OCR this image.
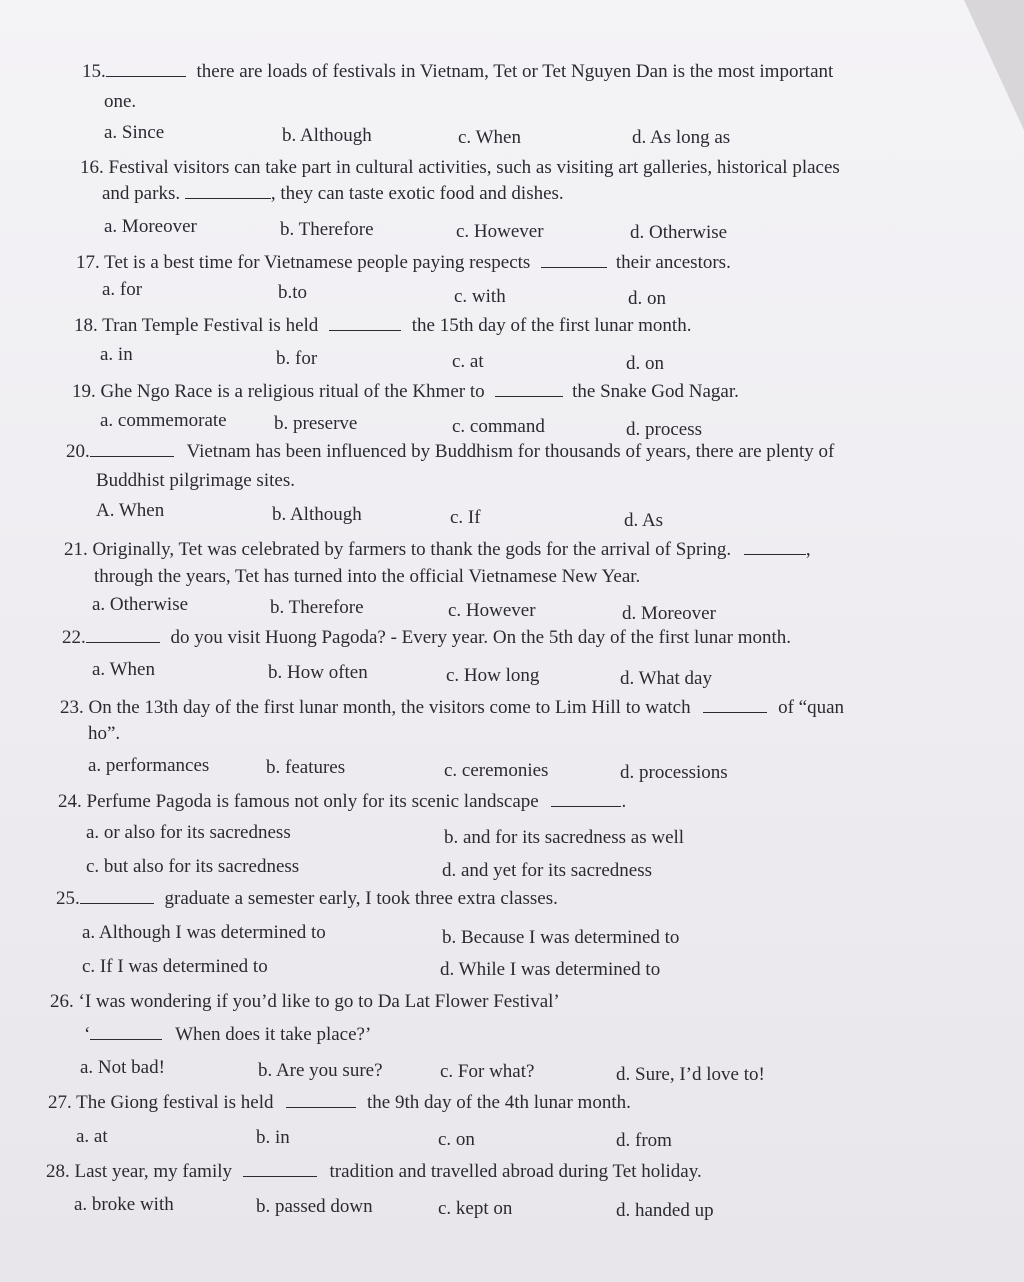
15.	there are loads of festivals in Vietnam, Tet or Tet Nguyen Dan is the most important
one.
a. Since	b. Although	c. When	d. As long as
16. Festival visitors can take part in cultural activities, such as visiting art galleries, historical places
and parks.	, they can taste exotic food and dishes.
a. Moreover	b. Therefore	c. However	d. Otherwise
17. Tet is a best time for Vietnamese people paying respects	their ancestors.
a. for	b.to	c. with	d. on
18. Tran Temple Festival is held	the 15th day of the first lunar month.
a. in	b. for	c. at	d. on
19. Ghe Ngo Race is a religious ritual of the Khmer to	the Snake God Nagar.
a. commemorate b. preserve	c. command	d. process
20.	Vietnam has been influenced by Buddhism for thousands of years, there are plenty of
Buddhist pilgrimage sites.
A. When	b. Although	c. If	d. As
21. Originally, Tet was celebrated by farmers to thank the gods for the arrival of Spring.	,
through the years, Tet has turned into the official Vietnamese New Year.
a. Otherwise	b. Therefore	c. However	d. Moreover
22.	do you visit Huong Pagoda? - Every year. On the 5th day of the first lunar month.
a. When	b. How often	c. How long	d. What day
23. On the 13th day of the first lunar month, the visitors come to Lim Hill to watch	of “quan
ho”.
a. performances	b. features	c. ceremonies	d. processions
24. Perfume Pagoda is famous not only for its scenic landscape	.
a. or also for its sacredness	b. and for its sacredness as well
c. but also for its sacredness	d. and yet for its sacredness
25.	graduate a semester early, I took three extra classes.
a. Although I was determined to	b. Because I was determined to
c. If I was determined to	d. While I was determined to
26. ‘I was wondering if you’d like to go to Da Lat Flower Festival’
‘	When does it take place?’
a. Not bad!	b. Are you sure?	c. For what?	d. Sure, I’d love to!
27. The Giong festival is held	the 9th day of the 4th lunar month.
a. at	b. in	c. on	d. from
28. Last year, my family	tradition and travelled abroad during Tet holiday.
a. broke with	b. passed down	c. kept on	d. handed up
